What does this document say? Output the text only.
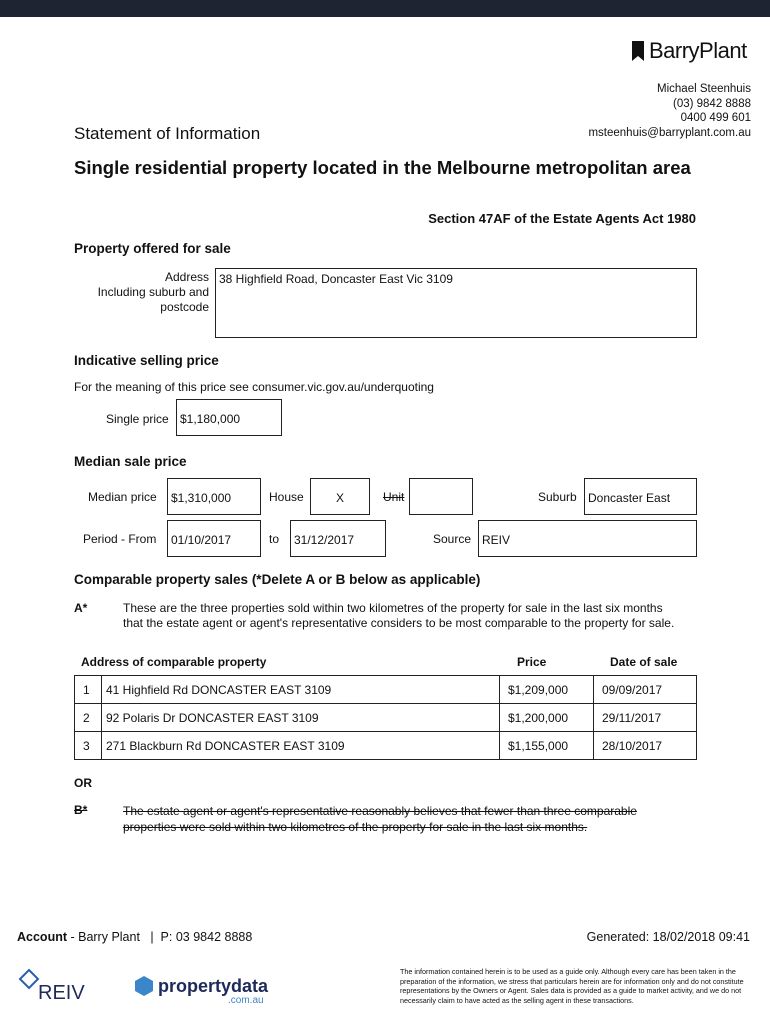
BarryPlant
Michael Steenhuis
(03) 9842 8888
0400 499 601
msteenhuis@barryplant.com.au
Statement of Information
Single residential property located in the Melbourne metropolitan area
Section 47AF of the Estate Agents Act 1980
Property offered for sale
Address
Including suburb and
postcode
38 Highfield Road, Doncaster East Vic 3109
Indicative selling price
For the meaning of this price see consumer.vic.gov.au/underquoting
Single price $1,180,000
Median sale price
Median price	$1,310,000	House	X	Unit	Suburb Doncaster East
Period - From	01/10/2017	to	31/12/2017	Source REIV
Comparable property sales (*Delete A or B below as applicable)
A*	These are the three properties sold within two kilometres of the property for sale in the last six months that the estate agent or agent's representative considers to be most comparable to the property for sale.
Address of comparable property	Price	Date of sale
1	41 Highfield Rd DONCASTER EAST 3109	$1,209,000	09/09/2017
2	92 Polaris Dr DONCASTER EAST 3109	$1,200,000	29/11/2017
3	271 Blackburn Rd DONCASTER EAST 3109	$1,155,000	28/10/2017
OR
B*	The estate agent or agent's representative reasonably believes that fewer than three comparable properties were sold within two kilometres of the property for sale in the last six months.
Account - Barry Plant   |  P: 03 9842 8888	Generated: 18/02/2018 09:41
REIV	propertydata
.com.au
The information contained herein is to be used as a guide only. Although every care has been taken in the preparation of the information, we stress that particulars herein are for information only and do not constitute representations by the Owners or Agent. Sales data is provided as a guide to market activity, and we do not necessarily claim to have acted as the selling agent in these transactions.
